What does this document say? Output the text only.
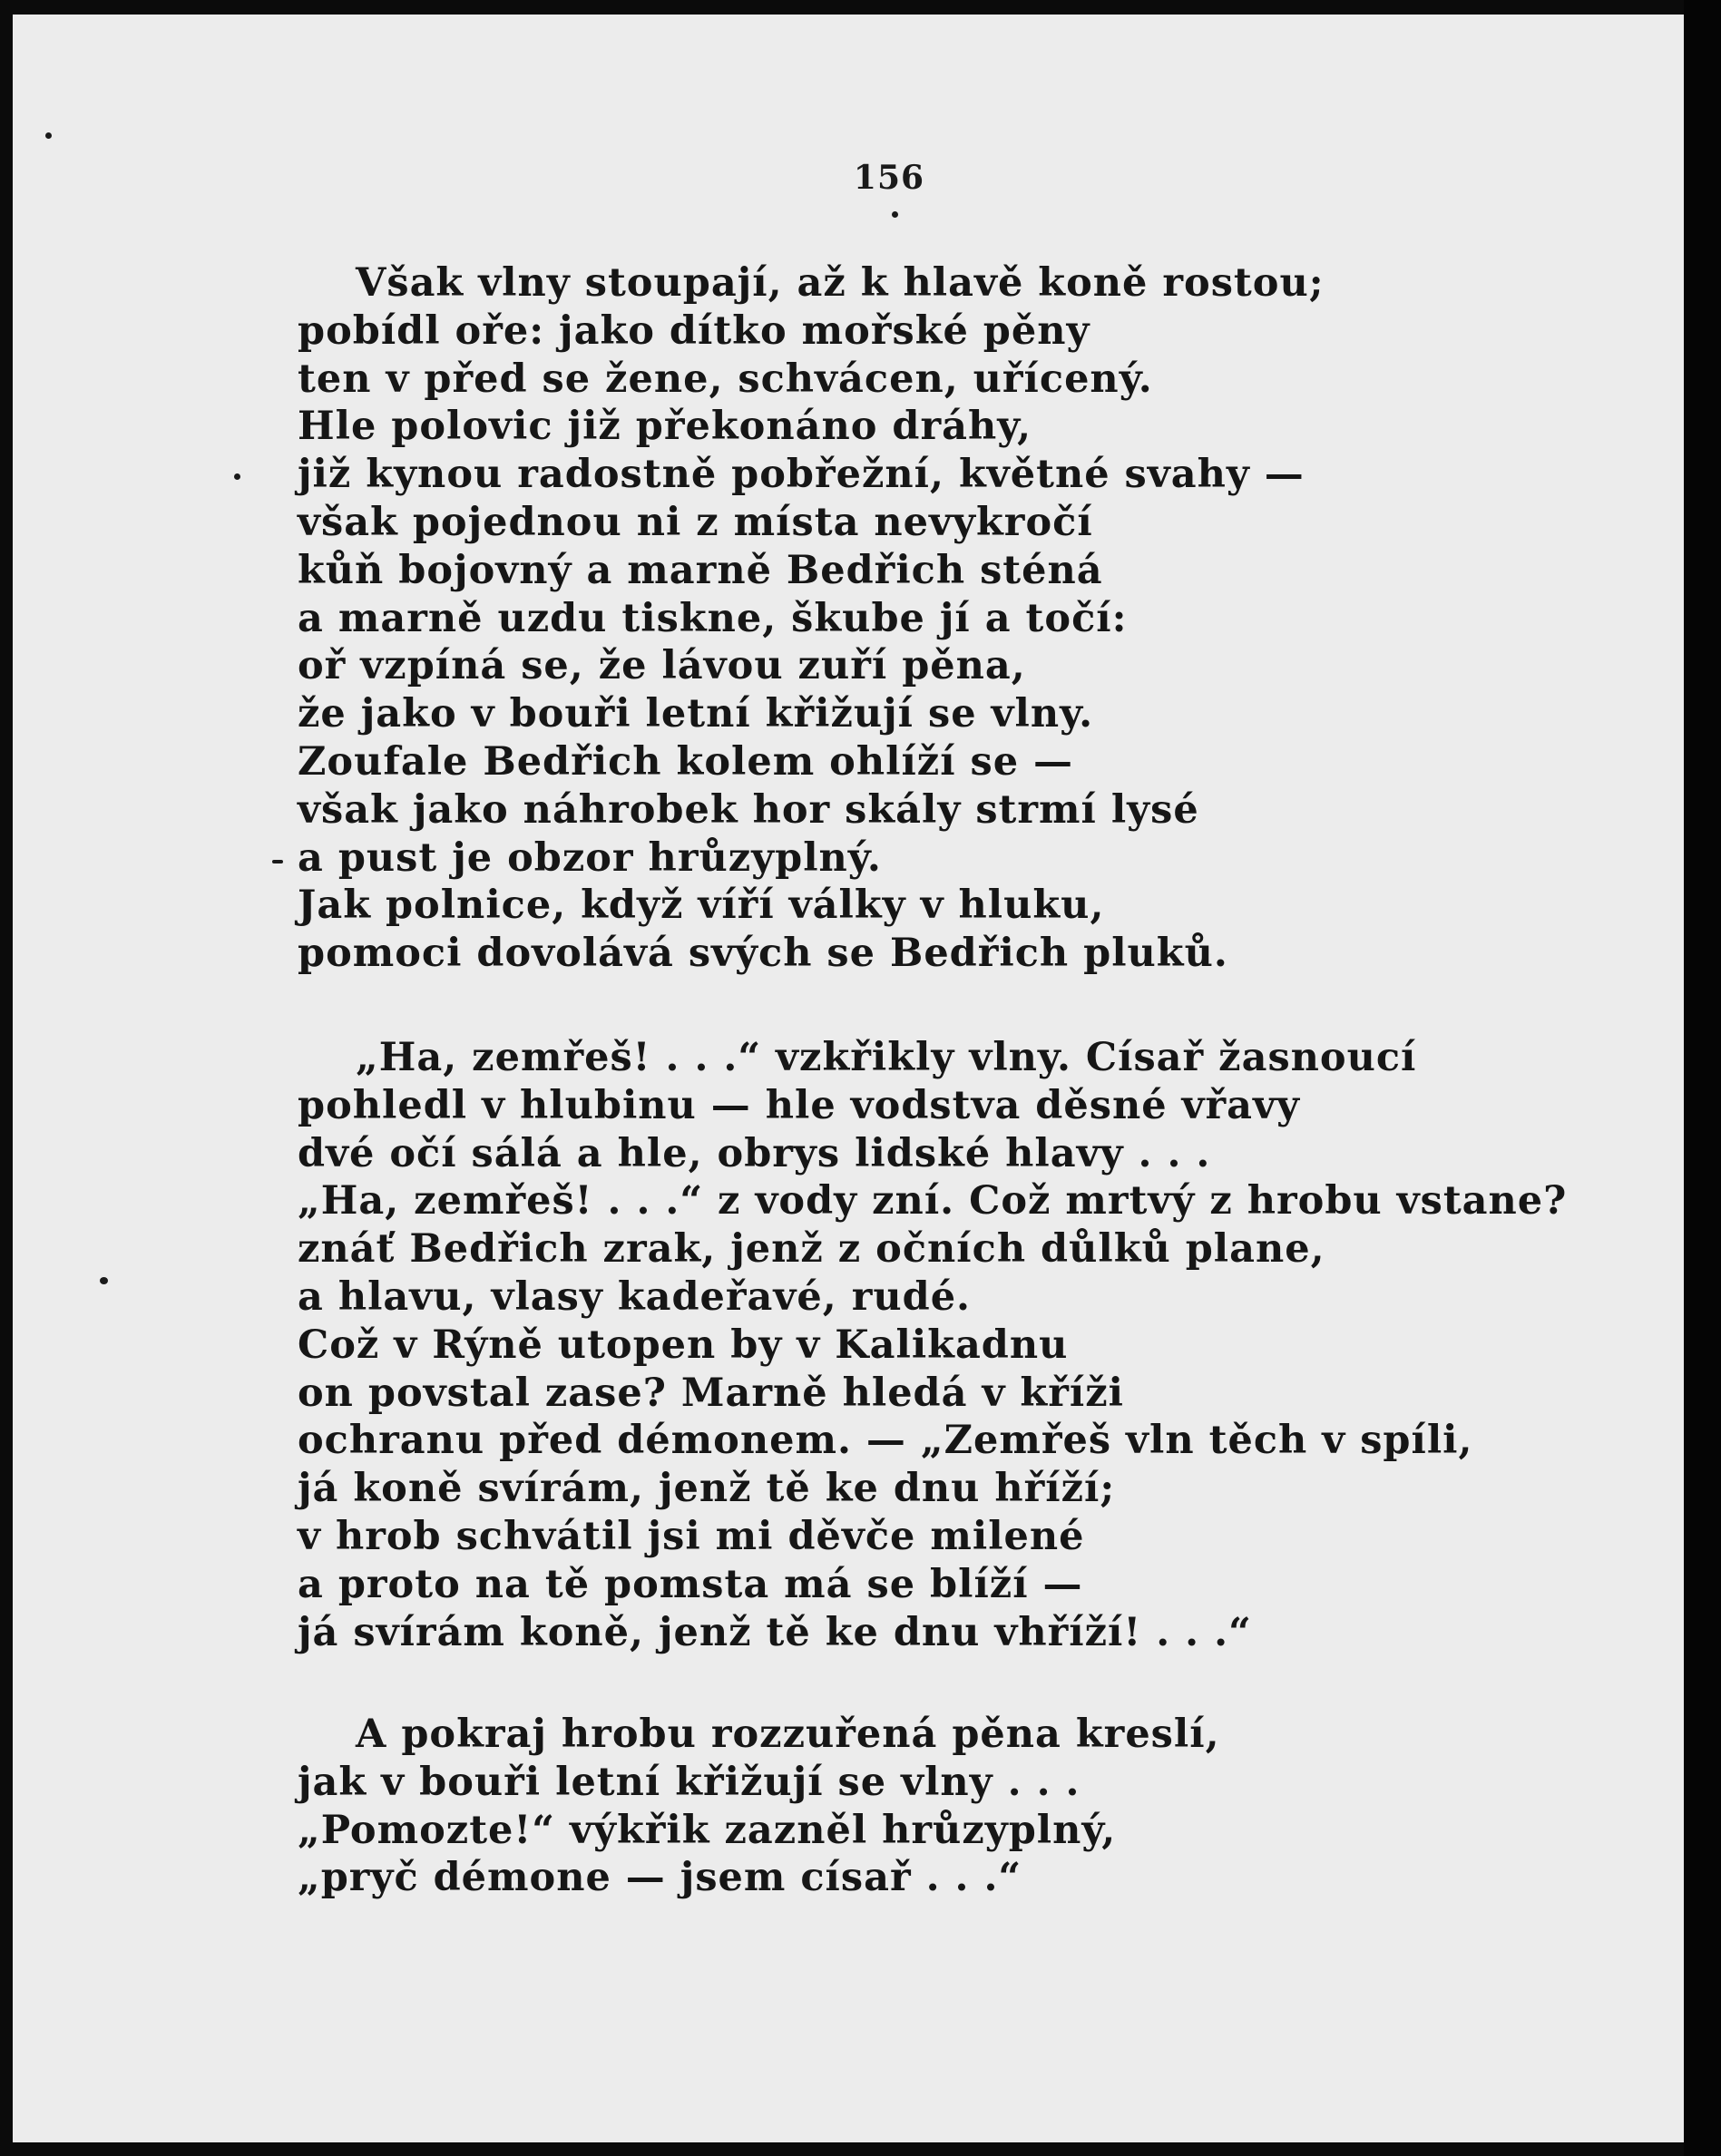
156
Však vlny stoupají, až k hlavě koně rostou;
pobídl oře: jako dítko mořské pěny
ten v před se žene, schvácen, uřícený.
Hle polovic již překonáno dráhy,
již kynou radostně pobřežní, květné svahy —
však pojednou ni z místa nevykročí
kůň bojovný a marně Bedřich sténá
a marně uzdu tiskne, škube jí a točí:
oř vzpíná se, že lávou zuří pěna,
že jako v bouři letní křižují se vlny.
Zoufale Bedřich kolem ohlíží se —
však jako náhrobek hor skály strmí lysé
a pust je obzor hrůzyplný.
Jak polnice, když víří války v hluku,
pomoci dovolává svých se Bedřich pluků.
„Ha, zemřeš! . . .“ vzkřikly vlny. Císař žasnoucí
pohledl v hlubinu — hle vodstva děsné vřavy
dvé očí sálá a hle, obrys lidské hlavy . . .
„Ha, zemřeš! . . .“ z vody zní. Což mrtvý z hrobu vstane?
znáť Bedřich zrak, jenž z očních důlků plane,
a hlavu, vlasy kadeřavé, rudé.
Což v Rýně utopen by v Kalikadnu
on povstal zase? Marně hledá v kříži
ochranu před démonem. — „Zemřeš vln těch v spíli,
já koně svírám, jenž tě ke dnu hříží;
v hrob schvátil jsi mi děvče milené
a proto na tě pomsta má se blíží —
já svírám koně, jenž tě ke dnu vhříží! . . .“
A pokraj hrobu rozzuřená pěna kreslí,
jak v bouři letní křižují se vlny . . .
„Pomozte!“ výkřik zazněl hrůzyplný,
„pryč démone — jsem císař . . .“
